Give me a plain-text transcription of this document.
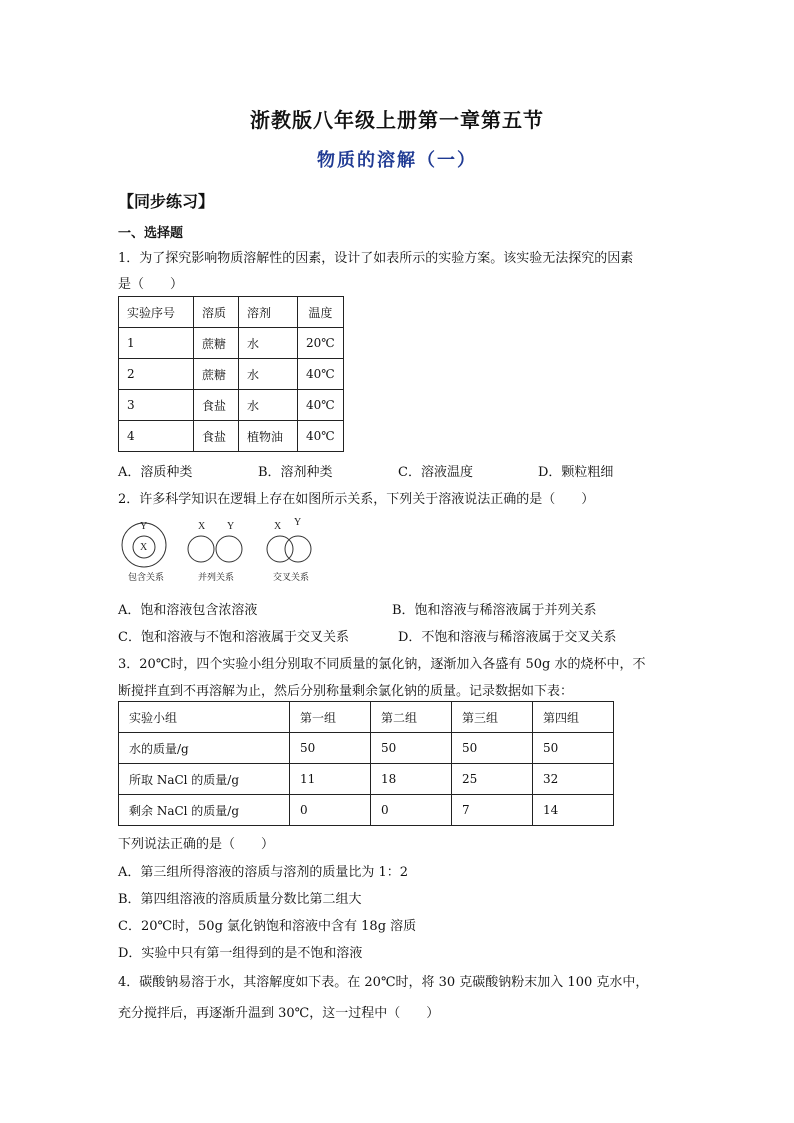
浙教版八年级上册第一章第五节
物质的溶解（一）
【同步练习】
一、选择题
1．为了探究影响物质溶解性的因素，设计了如表所示的实验方案。该实验无法探究的因素
是（　　）
实验序号	溶质	溶剂	温度
1	蔗糖	水	20℃
2	蔗糖	水	40℃
3	食盐	水	40℃
4	食盐	植物油	40℃
A．溶质种类	B．溶剂种类	C．溶液温度	D．颗粒粗细
2．许多科学知识在逻辑上存在如图所示关系，下列关于溶液说法正确的是（　　）
Y
X
X Y	X Y
包含关系	并列关系	交叉关系
A．饱和溶液包含浓溶液	B．饱和溶液与稀溶液属于并列关系
C．饱和溶液与不饱和溶液属于交叉关系	D．不饱和溶液与稀溶液属于交叉关系
3．20℃时，四个实验小组分别取不同质量的氯化钠，逐渐加入各盛有 50g 水的烧杯中，不
断搅拌直到不再溶解为止，然后分别称量剩余氯化钠的质量。记录数据如下表：
实验小组	第一组	第二组	第三组	第四组
水的质量/g	50	50	50	50
所取 NaCl 的质量/g	11	18	25	32
剩余 NaCl 的质量/g	0	0	7	14
下列说法正确的是（　　）
A．第三组所得溶液的溶质与溶剂的质量比为 1：2
B．第四组溶液的溶质质量分数比第二组大
C．20℃时，50g 氯化钠饱和溶液中含有 18g 溶质
D．实验中只有第一组得到的是不饱和溶液
4．碳酸钠易溶于水，其溶解度如下表。在 20℃时，将 30 克碳酸钠粉末加入 100 克水中，
充分搅拌后，再逐渐升温到 30℃，这一过程中（　　）
